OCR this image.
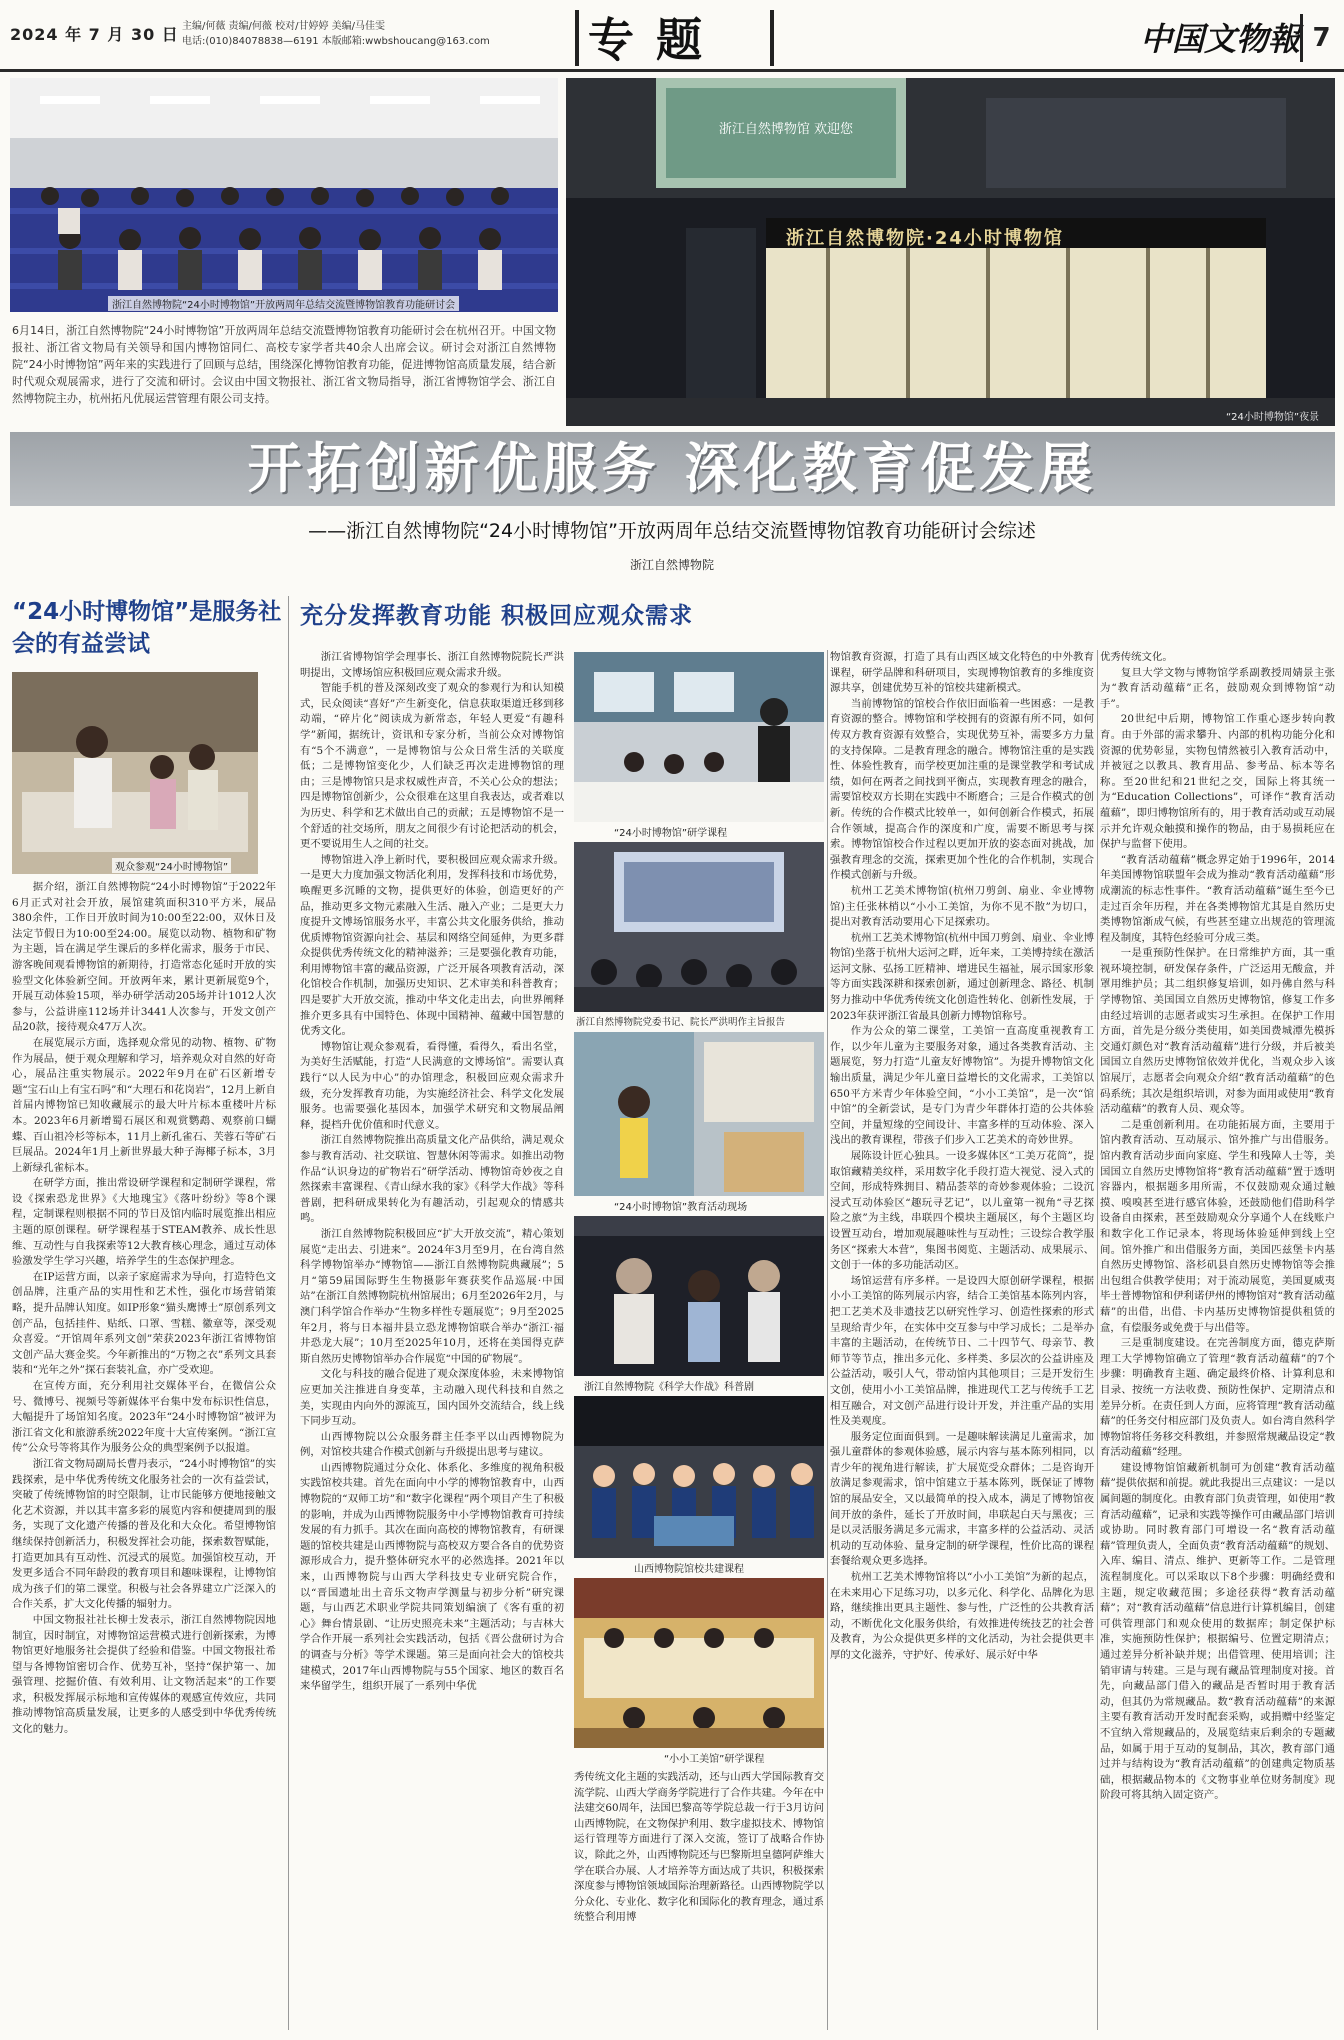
2024 年 7 月 30 日 主编/何薇 责编/何薇 校对/甘婷婷 美编/马佳雯
电话:(010)84078838—6191 本版邮箱:wwbshoucang@163.com 专题	中国文物報 7
浙江自然博物院“24小时博物馆”开放两周年总结交流暨博物馆教育功能研讨会
6月14日，浙江自然博物院“24小时博物馆”开放两周年总结交流暨博物馆教育功能研讨会在杭州召开。中国文物报社、浙江省文物局有关领导和国内博物馆同仁、高校专家学者共40余人出席会议。研讨会对浙江自然博物院“24小时博物馆”两年来的实践进行了回顾与总结，围绕深化博物馆教育功能，促进博物馆高质量发展，结合新时代观众观展需求，进行了交流和研讨。会议由中国文物报社、浙江省文物局指导，浙江省博物馆学会、浙江自然博物院主办，杭州拓凡优展运营管理有限公司支持。
浙江自然博物馆 欢迎您
浙江自然博物院·24小时博物馆
“24小时博物馆”夜景
开拓创新优服务 深化教育促发展
——浙江自然博物院“24小时博物馆”开放两周年总结交流暨博物馆教育功能研讨会综述
浙江自然博物院
“24小时博物馆”是服务社会的有益尝试
观众参观“24小时博物馆”

据介绍，浙江自然博物院“24小时博物馆”于2022年6月正式对社会开放，展馆建筑面积310平方米，展品380余件，工作日开放时间为10:00至22:00，双休日及法定节假日为10:00至24:00。展览以动物、植物和矿物为主题，旨在满足学生课后的多样化需求，服务于市民、游客晚间观看博物馆的新期待，打造常态化延时开放的实验型文化体验新空间。开放两年来，累计更新展览9个，开展互动体验15项，举办研学活动205场并计1012人次参与，公益讲座112场并计3441人次参与，开发文创产品20款，接待观众47万人次。

在展览展示方面，选择观众常见的动物、植物、矿物作为展品，便于观众理解和学习，培养观众对自然的好奇心，展品注重实物展示。2022年9月在矿石区新增专题“宝石山上有宝石吗”和“大理石和花岗岩”，12月上新自首届内博物馆已知收藏展示的最大叶片标本重楼叶片标本。2023年6月新增蜀石展区和观赏鹦鹉、观察前口蝴蝶、百山祖冷杉等标本，11月上新孔雀石、芙蓉石等矿石巨展品。2024年1月上新世界最大种子海椰子标本，3月上新绿孔雀标本。

在研学方面，推出常设研学课程和定制研学课程，常设《探索恐龙世界》《大地瑰宝》《落叶纷纷》等8个课程，定制课程则根据不同的节日及馆内临时展览推出相应主题的原创课程。研学课程基于STEAM教养、成长性思维、互动性与自我探索等12大教育核心理念，通过互动体验激发学生学习兴趣，培养学生的生态保护理念。

在IP运营方面，以亲子家庭需求为导向，打造特色文创品牌，注重产品的实用性和艺术性，强化市场营销策略，提升品牌认知度。如IP形象“猫头鹰博士”原创系列文创产品，包括挂件、贴纸、口罩、雪糕、徽章等，深受观众喜爱。“开馆周年系列文创”荣获2023年浙江省博物馆文创产品大赛金奖。今年新推出的“万物之衣”系列文具套装和“光年之外”探石套装礼盒，亦广受欢迎。

在宣传方面，充分利用社交媒体平台，在微信公众号、微博号、视频号等新媒体平台集中发布标识性信息，大幅提升了场馆知名度。2023年“24小时博物馆”被评为浙江省文化和旅游系统2022年度十大宣传案例。“浙江宣传”公众号等将其作为服务公众的典型案例予以报道。

浙江省文物局副局长曹丹表示，“24小时博物馆”的实践探索，是中华优秀传统文化服务社会的一次有益尝试，突破了传统博物馆的时空限制，让市民能够方便地接触文化艺术资源，并以其丰富多彩的展览内容和便捷周到的服务，实现了文化遗产传播的普及化和大众化。希望博物馆继续保持创新活力，积极发挥社会功能，探索数智赋能，打造更加具有互动性、沉浸式的展览。加强馆校互动，开发更多适合不同年龄段的教育项目和趣味课程，让博物馆成为孩子们的第二课堂。积极与社会各界建立广泛深入的合作关系，扩大文化传播的辐射力。

中国文物报社社长柳士发表示，浙江自然博物院因地制宜，因时制宜，对博物馆运营模式进行创新探索，为博物馆更好地服务社会提供了经验和借鉴。中国文物报社希望与各博物馆密切合作、优势互补，坚持“保护第一、加强管理、挖掘价值、有效利用、让文物活起来”的工作要求，积极发挥展示标地和宣传媒体的观感宣传效应，共同推动博物馆高质量发展，让更多的人感受到中华优秀传统文化的魅力。

充分发挥教育功能 积极回应观众需求

浙江省博物馆学会理事长、浙江自然博物院院长严洪明提出，文博场馆应积极回应观众需求升级。

智能手机的普及深刻改变了观众的参观行为和认知模式，民众阅读“喜好”产生新变化，信息获取渠道迁移到移动端，“碎片化”阅读成为新常态，年轻人更爱“有趣科学”新闻，据统计，资讯和专家分析，当前公众对博物馆有“5个不满意”，一是博物馆与公众日常生活的关联度低；二是博物馆变化少，人们缺乏再次走进博物馆的理由；三是博物馆只是求权威性声音，不关心公众的想法；四是博物馆创新少，公众很难在这里自我表达，或者难以为历史、科学和艺术做出自己的贡献；五是博物馆不是一个舒适的社交场所，朋友之间很少有讨论把活动的机会，更不要说用生人之间的社交。

博物馆进入净上新时代，要积极回应观众需求升级。一是更大力度加强文物活化利用，发挥科技和市场优势，唤醒更多沉睡的文物，提供更好的体验，创造更好的产品，推动更多文物元素融入生活、融入产业；二是更大力度提升文博场馆服务水平，丰富公共文化服务供给，推动优质博物馆资源向社会、基层和网络空间延伸，为更多群众提供优秀传统文化的精神滋养；三是要强化教育功能，利用博物馆丰富的藏品资源，广泛开展各项教育活动，深化馆校合作机制，加强历史知识、艺术审美和科普教育；四是要扩大开放交流，推动中华文化走出去，向世界阐释推介更多具有中国特色、体现中国精神、蕴藏中国智慧的优秀文化。

博物馆让观众参观看，看得懂，看得久，看出名堂，为美好生活赋能，打造“人民满意的文博场馆”。需要认真践行“以人民为中心”的办馆理念，积极回应观众需求升级，充分发挥教育功能，为实施经济社会、科学文化发展服务。也需要强化基因本，加强学术研究和文物展品阐释，提档升优价值和时代意义。

浙江自然博物院推出高质量文化产品供给，满足观众参与教育活动、社交联谊、智慧休闲等需求。如推出动物作品“认识身边的矿物岩石”研学活动、博物馆奇妙夜之自然探索丰富课程、《青山绿水我的家》《科学大作战》等科普剧，把科研成果转化为有趣活动，引起观众的情感共鸣。

浙江自然博物院积极回应“扩大开放交流”，精心策划展览“走出去、引进来”。2024年3月至9月，在台湾自然科学博物馆举办“博物馆——浙江自然博物院典藏展”；5月“第59届国际野生生物摄影年赛获奖作品巡展·中国站”在浙江自然博物院杭州馆展出；6月至2026年2月，与澳门科学馆合作举办“生物多样性专题展览”；9月至2025年2月，将与日本福井县立恐龙博物馆联合举办“浙江·福井恐龙大展”；10月至2025年10月，还将在美国得克萨斯自然历史博物馆举办合作展览“中国的矿物展”。

文化与科技的融合促进了观众深度体验，未来博物馆应更加关注推进自身变革，主动融入现代科技和自然之美，实现由内向外的源流互，国内国外交流结合，线上线下同步互动。

山西博物院以公众服务群主任李平以山西博物院为例，对馆校共建合作模式创新与升级提出思考与建议。

山西博物院通过分众化、体系化、多维度的视角积极实践馆校共建。首先在面向中小学的博物馆教育中，山西博物院的“双师工坊”和“数字化课程”两个项目产生了积极的影响，并成为山西博物院服务中小学博物馆教育可持续发展的有力抓手。其次在面向高校的博物馆教育，有研课题的馆校共建是山西博物院与高校双方要合各自的优势资源形成合力，提升整体研究水平的必然选择。2021年以来，山西博物院与山西大学科技史专业研究院合作，以“晋国遗址出土音乐文物声学测量与初步分析”研究课题，与山西艺术职业学院共同策划编演了《客有重的初心》舞台情景剧、“让历史照亮未来”主题活动；与吉林大学合作开展一系列社会实践活动，包括《晋公盘研讨为合的调查与分析》等学术课题。第三是面向社会大的馆校共建模式，2017年山西博物院与55个国家、地区的数百名来华留学生，组织开展了一系列中华优

“24小时博物馆”研学课程
浙江自然博物院党委书记、院长严洪明作主旨报告
“24小时博物馆”教育活动现场
浙江自然博物院《科学大作战》科普剧
山西博物院馆校共建课程
“小小工美馆”研学课程

秀传统文化主题的实践活动，还与山西大学国际教育交流学院、山西大学商务学院进行了合作共建。今年在中法建交60周年，法国巴黎高等学院总裁一行于3月访问山西博物院，在文物保护利用、数字虚拟技术、博物馆运行管理等方面进行了深入交流，签订了战略合作协议，除此之外，山西博物院还与巴黎斯坦皇德阿萨维大学在联合办展、人才培养等方面达成了共识，积极探索深度参与博物馆领域国际治理新路径。山西博物院学以分众化、专业化、数字化和国际化的教育理念，通过系统整合利用博

物馆教育资源，打造了具有山西区域文化特色的中外教育课程，研学品牌和科研项目，实现博物馆教育的多维度资源共享，创建优势互补的馆校共建新模式。

当前博物馆的馆校合作依旧面临着一些困惑：一是教育资源的整合。博物馆和学校拥有的资源有所不同，如何传双方教育资源有效整合，实现优势互补，需要多方力量的支持保障。二是教育理念的融合。博物馆注重的是实践性、体验性教育，而学校更加注重的是课堂教学和考试成绩，如何在两者之间找到平衡点，实现教育理念的融合，需要馆校双方长期在实践中不断磨合；三是合作模式的创新。传统的合作模式比较单一，如何创新合作模式，拓展合作领域，提高合作的深度和广度，需要不断思考与探索。博物馆馆校合作过程以更加开放的姿态面对挑战，加强教育理念的交流，探索更加个性化的合作机制，实现合作模式创新与升级。

杭州工艺美术博物馆(杭州刀剪剑、扇业、伞业博物馆)主任张林梢以“小小工美馆，为你不见不散”为切口，提出对教育活动要用心下足探索功。

杭州工艺美术博物馆(杭州中国刀剪剑、扇业、伞业博物馆)坐落于杭州大运河之畔，近年来，工美博持续在激活运河文脉、弘扬工匠精神、增进民生福祉，展示国家形象等方面实践深耕和探索创新，通过创新理念、路径、机制努力推动中华优秀传统文化创造性转化、创新性发展，于2023年获评浙江省最具创新力博物馆称号。

作为公众的第二课堂，工美馆一直高度重视教育工作，以少年儿童为主要服务对象，通过各类教育活动、主题展览，努力打造“儿童友好博物馆”。为提升博物馆文化输出质量，满足少年儿童日益增长的文化需求，工美馆以650平方米青少年体验空间，“小小工美馆”，是一次“馆中馆”的全新尝试，是专门为青少年群体打造的公共体验空间，并量短缘的空间设计、丰富多样的互动体验、深入浅出的教育课程，带孩子们步入工艺美术的奇妙世界。

展陈设计匠心独具。一设多媒体区“工美万花筒”，提取馆藏精美纹样，采用数字化手段打造大视觉、浸入式的空间，形成特殊拥目、精品荟萃的奇妙参观体验；二设沉浸式互动体验区“趣玩寻艺记”，以儿童第一视角“寻艺探险之旅”为主线，串联四个模块主题展区，每个主题区均设置互动台，增加观展趣味性与互动性；三设综合教学服务区“探索大本营”，集图书阅览、主题活动、成果展示、文创于一体的多功能活动区。

场馆运营有序多样。一是设四大原创研学课程，根据小小工美馆的陈列展示内容，结合工美馆基本陈列内容，把工艺美术及非遗技艺以研究性学习、创造性探索的形式呈现给青少年，在实体中交互参与中学习成长；二是举办丰富的主题活动，在传统节日、二十四节气、母亲节、教师节等节点，推出多元化、多样类、多层次的公益讲座及公益活动，吸引人气，带动馆内其他项目；三是开发衍生文创，使用小小工美馆品牌，推进现代工艺与传统手工艺相互融合，对文创产品进行设计开发，并注重产品的实用性及美观度。

服务定位面面俱到。一是趣味解读满足儿童需求，加强儿童群体的参观体验感，展示内容与基本陈列相同，以青少年的视角进行解读，扩大展览受众群体；二是咨询开放满足参观需求，馆中馆建立于基本陈列，既保证了博物馆的展品安全，又以最简单的投入成本，满足了博物馆夜间开放的条件，延长了开放时间，串联起白天与黑夜；三是以灵活服务满足多元需求，丰富多样的公益活动、灵活机动的互动体验、量身定制的研学课程，性价比高的课程套餐给观众更多选择。

杭州工艺美术博物馆将以“小小工美馆”为新的起点，在未来用心下足练习功，以多元化、科学化、品牌化为思路，继续推出更具主题性、参与性，广泛性的公共教育活动，不断优化文化服务供给，有效推进传统技艺的社会普及教育，为公众提供更多样的文化活动，为社会提供更丰厚的文化滋养，守护好、传承好、展示好中华

优秀传统文化。

复旦大学文物与博物馆学系副教授周婧景主张为“教育活动蕴藉”正名，鼓励观众到博物馆“动手”。

20世纪中后期，博物馆工作重心逐步转向教育。由于外部的需求攀升、内部的机构功能分化和资源的优势彰显，实物包情然被引入教育活动中，并被冠之以教具、教育用品、参考品、标本等名称。至20世纪和21世纪之交，国际上将其统一为“Education Collections”，可译作“教育活动蕴藉”，即归博物馆所有的，用于教育活动或互动展示并允许观众触摸和操作的物品，由于易损耗应在保护与监督下使用。

“教育活动蕴藉”概念界定始于1996年，2014年美国博物馆联盟年会成为推动“教育活动蕴藉”形成潮流的标志性事件。“教育活动蕴藉”诞生至今已走过百余年历程，并在各类博物馆尤其是自然历史类博物馆渐成气候，有些甚至建立出规范的管理流程及制度，其特色经验可分成三类。

一是重预防性保护。在日常维护方面，其一重视环境控制，研发保存条件，广泛运用无酸盒，并罩用维护员；其二组织修复培训，如丹佛自然与科学博物馆、美国国立自然历史博物馆，修复工作多由经过培训的志愿者或实习生承担。在保护工作用方面，首先是分级分类使用，如美国费城潭先模拆交通灯颜色对“教育活动蕴藉”进行分级，并后被美国国立自然历史博物馆依效并优化，当观众步入该馆展厅，志愿者会向观众介绍“教育活动蕴藉”的色码系统；其次是组织培训，对参为面用或使用“教育活动蕴藉”的教育人员、观众等。

二是重创新利用。在功能拓展方面，主要用于馆内教育活动、互动展示、馆外推广与出借服务。馆内教育活动步面向家庭、学生和残障人士等，美国国立自然历史博物馆将“教育活动蕴藉”置于透明容器内，根据题多用所需，不仅鼓励观众通过触摸、嗅嗅甚至进行感官体验，还鼓励他们借助科学设备自由探索，甚至鼓励观众分享通个人在线账户和数字化工作记录本，将现场体验延伸到线上空间。馆外推广和出借服务方面，美国匹兹堡卡内基自然历史博物馆、洛杉矶县自然历史博物馆等会推出包组合供教学使用；对于流动展览，美国夏威夷毕士普博物馆和伊利诺伊州的博物馆对“教育活动蕴藉”的出借，出借、卡内基历史博物馆提供租赁的盒，有偿服务或免费于与出借等。

三是重制度建设。在完善制度方面，德克萨斯理工大学博物馆确立了管理“教育活动蕴藉”的7个步骤：明确教育主题、确定最终价格、计算利息和目录、按统一方法收费、预防性保护、定期清点和差异分析。在责任到人方面，应将管理“教育活动蕴藉”的任务交付相应部门及负责人。如台湾自然科学博物馆将任务移交科教组，并参照常规藏品设定“教育活动蕴藉”经理。

建设博物馆馆藏新机制可为创建“教育活动蕴藉”提供依据和前提。就此我提出三点建议：一是以属间题的制度化。由教育部门负责管理，如使用“教育活动蕴藉”，记录和实践等操作可由藏品部门培训或协助。同时教育部门可增设一名“教育活动蕴藉”管理负责人，全面负责“教育活动蕴藉”的规划、入库、编目、清点、维护、更新等工作。二是管理流程制度化。可以采取以下8个步骤：明确经费和主题，规定收藏范围；多途径获得“教育活动蕴藉”；对“教育活动蕴藉”信息进行计算机编目，创建可供管理部门和观众使用的数据库；制定保护标准，实施预防性保护；根据编号、位置定期清点；通过差异分析补缺并规；出借管理、使用培训；注销审请与转建。三是与现有藏品管理制度对接。首先，向藏品部门借入的藏品是否暂时用于教育活动，但其仍为常规藏品。数“教育活动蕴藉”的来源主要有教育活动开发时配套采购，或捐赠中经鉴定不宜纳入常规藏品的，及展览结束后剩余的专题藏品，如属于用于互动的复制品，其次，教育部门通过并与结构设为“教育活动蕴藉”的创建典定物质基础，根据藏品物本的《文物事业单位财务制度》现阶段可将其纳入固定资产。
